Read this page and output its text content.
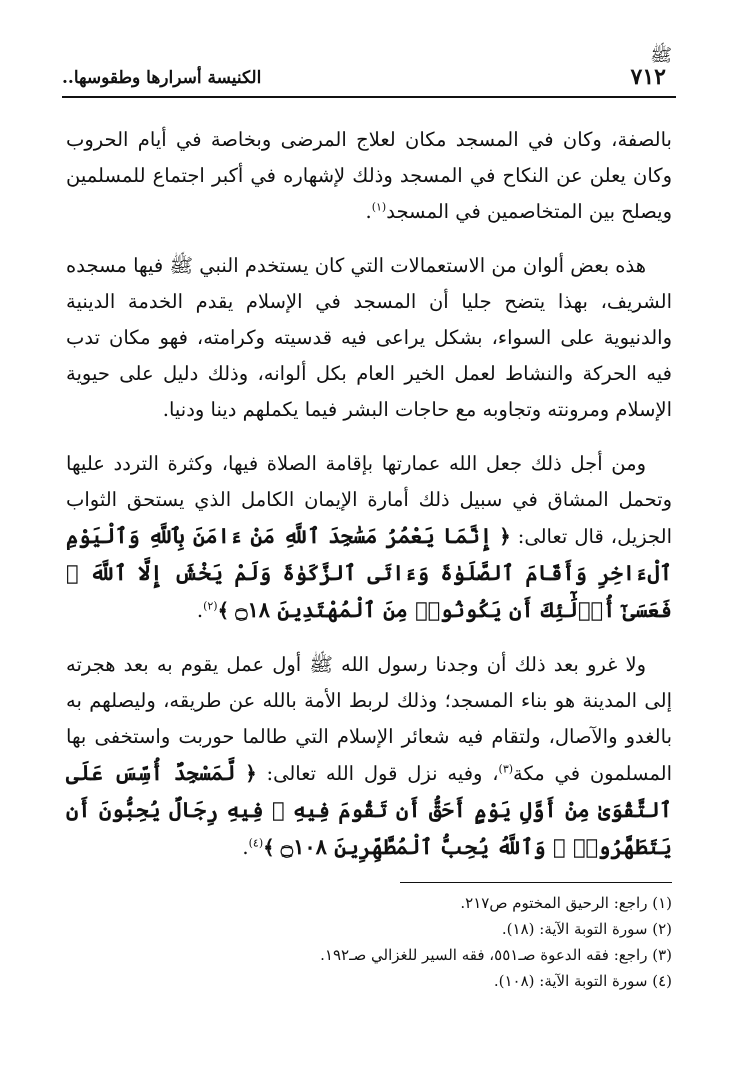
ﷺ
٧١٢
الكنيسة أسرارها وطقوسها..

بالصفة، وكان في المسجد مكان لعلاج المرضى وبخاصة في أيام الحروب وكان يعلن عن النكاح في المسجد وذلك لإشهاره في أكبر اجتماع للمسلمين ويصلح بين المتخاصمين في المسجد$^{(١)}$.

هذه بعض ألوان من الاستعمالات التي كان يستخدم النبي ﷺ فيها مسجده الشريف، بهذا يتضح جليا أن المسجد في الإسلام يقدم الخدمة الدينية والدنيوية على السواء، بشكل يراعى فيه قدسيته وكرامته، فهو مكان تدب فيه الحركة والنشاط لعمل الخير العام بكل ألوانه، وذلك دليل على حيوية الإسلام ومرونته وتجاوبه مع حاجات البشر فيما يكملهم دينا ودنيا.

ومن أجل ذلك جعل الله عمارتها بإقامة الصلاة فيها، وكثرة التردد عليها وتحمل المشاق في سبيل ذلك أمارة الإيمان الكامل الذي يستحق الثواب الجزيل، قال تعالى: ﴿ إِنَّمَا يَعْمُرُ مَسَٰجِدَ ٱللَّهِ مَنْ ءَامَنَ بِٱللَّهِ وَٱلْيَوْمِ ٱلْءَاخِرِ وَأَقَامَ ٱلصَّلَوٰةَ وَءَاتَى ٱلزَّكَوٰةَ وَلَمْ يَخْشَ إِلَّا ٱللَّهَ ۖ فَعَسَىٰٓ أُو۟لَٰٓئِكَ أَن يَكُونُوا۟ مِنَ ٱلْمُهْتَدِينَ ۝١٨ ﴾$^{(٢)}$.

ولا غرو بعد ذلك أن وجدنا رسول الله ﷺ أول عمل يقوم به بعد هجرته إلى المدينة هو بناء المسجد؛ وذلك لربط الأمة بالله عن طريقه، وليصلهم به بالغدو والآصال، ولتقام فيه شعائر الإسلام التي طالما حوربت واستخفى بها المسلمون في مكة$^{(٣)}$، وفيه نزل قول الله تعالى: ﴿ لَّمَسْجِدٌ أُسِّسَ عَلَى ٱلتَّقْوَىٰ مِنْ أَوَّلِ يَوْمٍ أَحَقُّ أَن تَقُومَ فِيهِ ۚ فِيهِ رِجَالٌ يُحِبُّونَ أَن يَتَطَهَّرُوا۟ ۚ وَٱللَّهُ يُحِبُّ ٱلْمُطَّهِّرِينَ ۝١٠٨ ﴾$^{(٤)}$.

(١) راجع: الرحيق المختوم ص٢١٧.

(٢) سورة التوبة الآية: (١٨).

(٣) راجع: فقه الدعوة صـ٥٥١، فقه السير للغزالي صـ١٩٢.

(٤) سورة التوبة الآية: (١٠٨).
